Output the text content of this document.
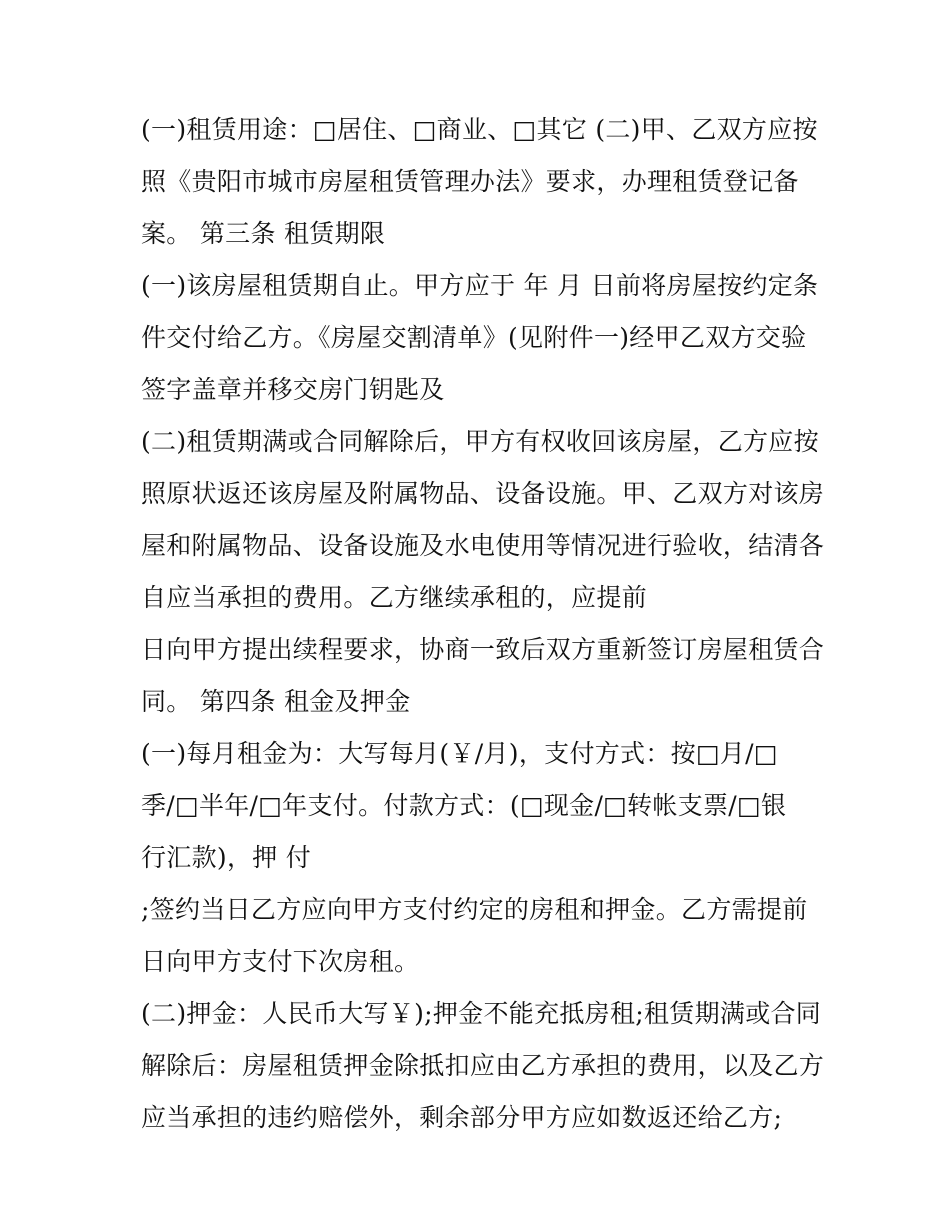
(一)租赁用途：□居住、□商业、□其它 (二)甲、乙双方应按
照《贵阳市城市房屋租赁管理办法》要求，办理租赁登记备
案。 第三条 租赁期限
(一)该房屋租赁期自止。甲方应于 年 月 日前将房屋按约定条
件交付给乙方。《房屋交割清单》(见附件一)经甲乙双方交验
签字盖章并移交房门钥匙及
(二)租赁期满或合同解除后，甲方有权收回该房屋，乙方应按
照原状返还该房屋及附属物品、设备设施。甲、乙双方对该房
屋和附属物品、设备设施及水电使用等情况进行验收，结清各
自应当承担的费用。乙方继续承租的，应提前
日向甲方提出续程要求，协商一致后双方重新签订房屋租赁合
同。 第四条 租金及押金
(一)每月租金为：大写每月(￥/月)，支付方式：按□月/□
季/□半年/□年支付。付款方式：(□现金/□转帐支票/□银
行汇款)，押 付
;签约当日乙方应向甲方支付约定的房租和押金。乙方需提前
日向甲方支付下次房租。
(二)押金：人民币大写￥);押金不能充抵房租;租赁期满或合同
解除后：房屋租赁押金除抵扣应由乙方承担的费用，以及乙方
应当承担的违约赔偿外，剩余部分甲方应如数返还给乙方;
